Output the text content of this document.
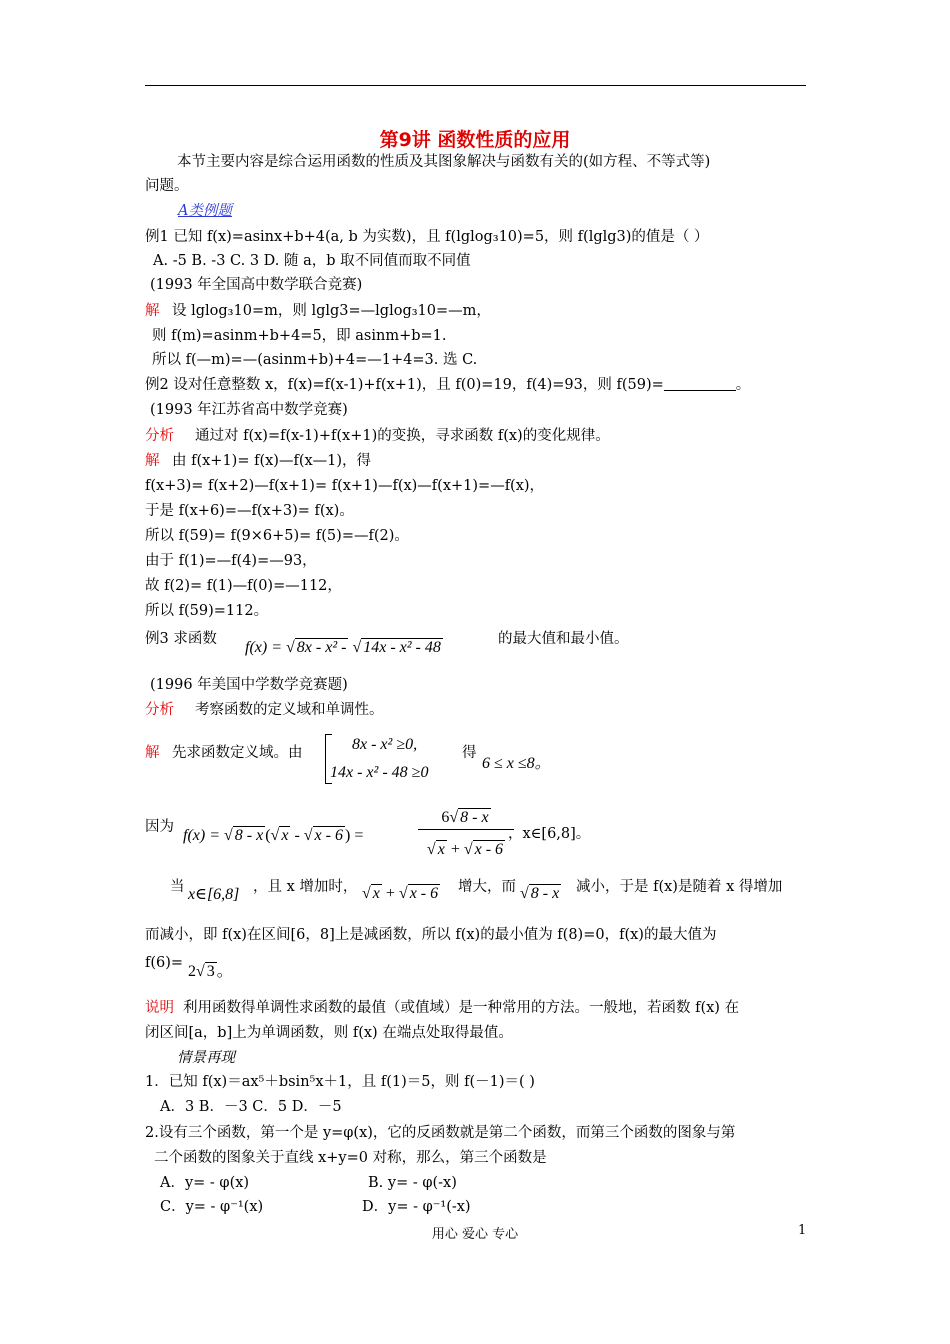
第9讲 函数性质的应用
本节主要内容是综合运用函数的性质及其图象解决与函数有关的(如方程、不等式等)
问题。
A类例题
例1 已知 f(x)=asinx+b+4(a, b 为实数)，且 f(lglog₃10)=5，则 f(lglg3)的值是（ ）
A. -5 B. -3 C. 3 D. 随 a，b 取不同值而取不同值
(1993 年全国高中数学联合竞赛)
解 设 lglog₃10=m，则 lglg3=—lglog₃10=—m，
则 f(m)=asinm+b+4=5，即 asinm+b=1.
所以 f(—m)=—(asinm+b)+4=—1+4=3. 选 C.
例2 设对任意整数 x，f(x)=f(x-1)+f(x+1)，且 f(0)=19，f(4)=93，则 f(59)=	。
(1993 年江苏省高中数学竞赛)
分析 通过对 f(x)=f(x-1)+f(x+1)的变换，寻求函数 f(x)的变化规律。
解 由 f(x+1)= f(x)—f(x—1)，得
f(x+3)= f(x+2)—f(x+1)= f(x+1)—f(x)—f(x+1)=—f(x)，
于是 f(x+6)=—f(x+3)= f(x)。
所以 f(59)= f(9×6+5)= f(5)=—f(2)。
由于 f(1)=—f(4)=—93，
故 f(2)= f(1)—f(0)=—112，
所以 f(59)=112。
例3 求函数 f(x) = √ 8x - x² - √ 14x - x² - 48	的最大值和最小值。
(1996 年美国中学数学竞赛题)
分析 考察函数的定义域和单调性。
解 先求函数定义域。由	8x - x² ≥0,
14x - x² - 48 ≥0
得
6 ≤ x ≤8。
因为 f(x) = √ 8 - x (√ x - √ x - 6 ) =
6√ 8 - x
√ x + √ x - 6
，x∈[6,8]。
当 x∈[6,8] ，且 x 增加时， √ x + √ x - 6 增大，而 √ 8 - x 减小，于是 f(x)是随着 x 得增加
而减小，即 f(x)在区间[6，8]上是减函数，所以 f(x)的最小值为 f(8)=0，f(x)的最大值为
f(6)= 2√ 3 。
说明 利用函数得单调性求函数的最值（或值域）是一种常用的方法。一般地，若函数 f(x) 在
闭区间[a，b]上为单调函数，则 f(x) 在端点处取得最值。
情景再现
1．已知 f(x)＝ax⁵＋bsin⁵x＋1，且 f(1)＝5，则 f(－1)＝( )
A．3 B．－3 C．5 D．－5
2.设有三个函数，第一个是 y=φ(x)，它的反函数就是第二个函数，而第三个函数的图象与第
二个函数的图象关于直线 x+y=0 对称，那么，第三个函数是
A．y= - φ(x)	B. y= - φ(-x)
C．y= - φ⁻¹(x)	D．y= - φ⁻¹(-x)
用心 爱心 专心	1
